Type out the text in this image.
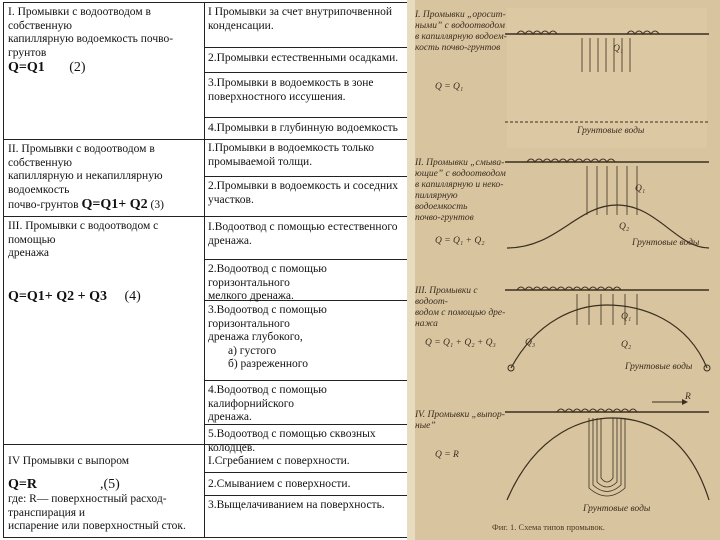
I. Промывки с водоотводом в собственную
капиллярную водоемкость почво-грунтов
Q=Q1 (2)
II. Промывки с водоотводом в собственную
капиллярную и некапиллярную водоемкость
почво-грунтов Q=Q1+ Q2 (3)
III. Промывки с водоотводом с помощью
дренажа
Q=Q1+ Q2 + Q3 (4)
IV Промывки с выпором
Q=R	,(5)
где: R— поверхностный расход-транспирация и
испарение или поверхностный сток.
I Промывки за счет внутрипочвенной
конденсации.
2.Промывки естественными осадками.
3.Промывки в водоемкость в зоне
поверхностного иссушения.
4.Промывки в глубинную водоемкость
I.Промывки в водоемкость только
промываемой толщи.
2.Промывки в водоемкость и соседних
участков.
I.Водоотвод с помощью естественного
дренажа.
2.Водоотвод с помощью горизонтального
мелкого дренажа.
3.Водоотвод с помощью горизонтального
дренажа глубокого,
а) густого
б) разреженного
4.Водоотвод с помощью калифорнийского
дренажа.
5.Водоотвод с помощью сквозных колодцев.
I.Сгребанием с поверхности.
2.Смыванием с поверхности.
3.Выщелачиванием на поверхность.
I. Промывки „оросит-
ными” с водоотводом
в капиллярную водоем-
кость почво-грунтов
Q = Q₁
Q₁
Грунтовые воды
II. Промывки „смыва-
ющие” с водоотводом
в капиллярную и неко-
пиллярную водоемкость
почво-грунтов
Q = Q₁ + Q₂
Q₁
Q₂
Грунтовые воды
III. Промывки с водоот-
водом с помощью дре-
нажа
Q = Q₁ + Q₂ + Q₃
Q₁
Q₂
Q₃
Грунтовые воды
IV. Промывки „выпор-
ные”
Q = R
R
Грунтовые воды
Фиг. 1. Схема типов промывок.
